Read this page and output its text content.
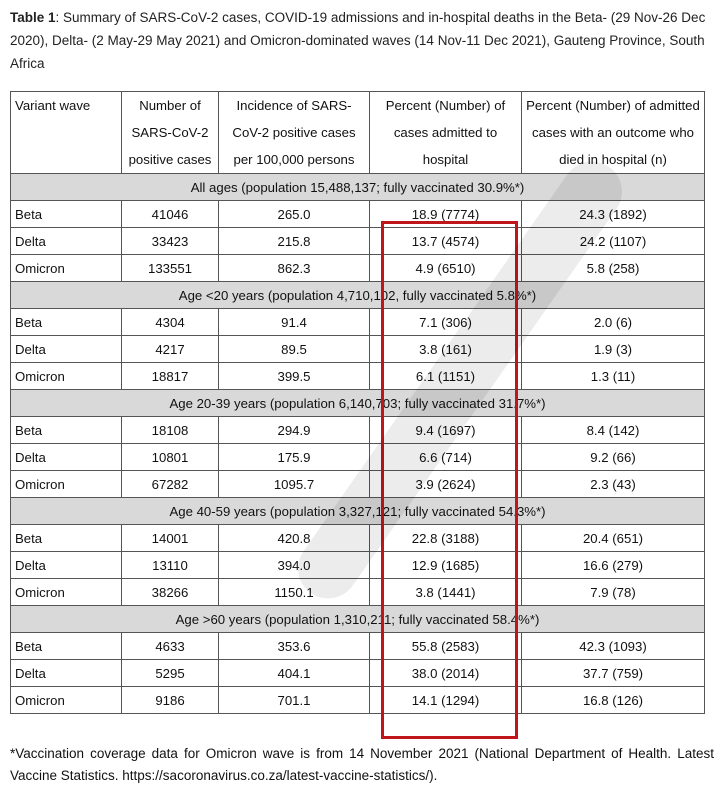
Table 1: Summary of SARS-CoV-2 cases, COVID-19 admissions and in-hospital deaths in the Beta- (29 Nov-26 Dec 2020), Delta- (2 May-29 May 2021) and Omicron-dominated waves (14 Nov-11 Dec 2021), Gauteng Province, South Africa
Variant wave	Number of SARS-CoV-2 positive cases	Incidence of SARS-CoV-2 positive cases per 100,000 persons	Percent (Number) of cases admitted to hospital	Percent (Number) of admitted cases with an outcome who died in hospital (n)
All ages (population 15,488,137; fully vaccinated 30.9%*)				
Beta	41046	265.0	18.9 (7774)	24.3 (1892)
Delta	33423	215.8	13.7 (4574)	24.2 (1107)
Omicron	133551	862.3	4.9 (6510)	5.8 (258)
Age <20 years (population 4,710,102, fully vaccinated 5.8%*)				
Beta	4304	91.4	7.1 (306)	2.0 (6)
Delta	4217	89.5	3.8 (161)	1.9 (3)
Omicron	18817	399.5	6.1 (1151)	1.3 (11)
Age 20-39 years (population 6,140,703; fully vaccinated 31.7%*)				
Beta	18108	294.9	9.4 (1697)	8.4 (142)
Delta	10801	175.9	6.6 (714)	9.2 (66)
Omicron	67282	1095.7	3.9 (2624)	2.3 (43)
Age 40-59 years (population 3,327,121; fully vaccinated 54.3%*)				
Beta	14001	420.8	22.8 (3188)	20.4 (651)
Delta	13110	394.0	12.9 (1685)	16.6 (279)
Omicron	38266	1150.1	3.8 (1441)	7.9 (78)
Age >60 years (population 1,310,211; fully vaccinated 58.4%*)				
Beta	4633	353.6	55.8 (2583)	42.3 (1093)
Delta	5295	404.1	38.0 (2014)	37.7 (759)
Omicron	9186	701.1	14.1 (1294)	16.8 (126)
*Vaccination coverage data for Omicron wave is from 14 November 2021 (National Department of Health. Latest Vaccine Statistics. https://sacoronavirus.co.za/latest-vaccine-statistics/).
